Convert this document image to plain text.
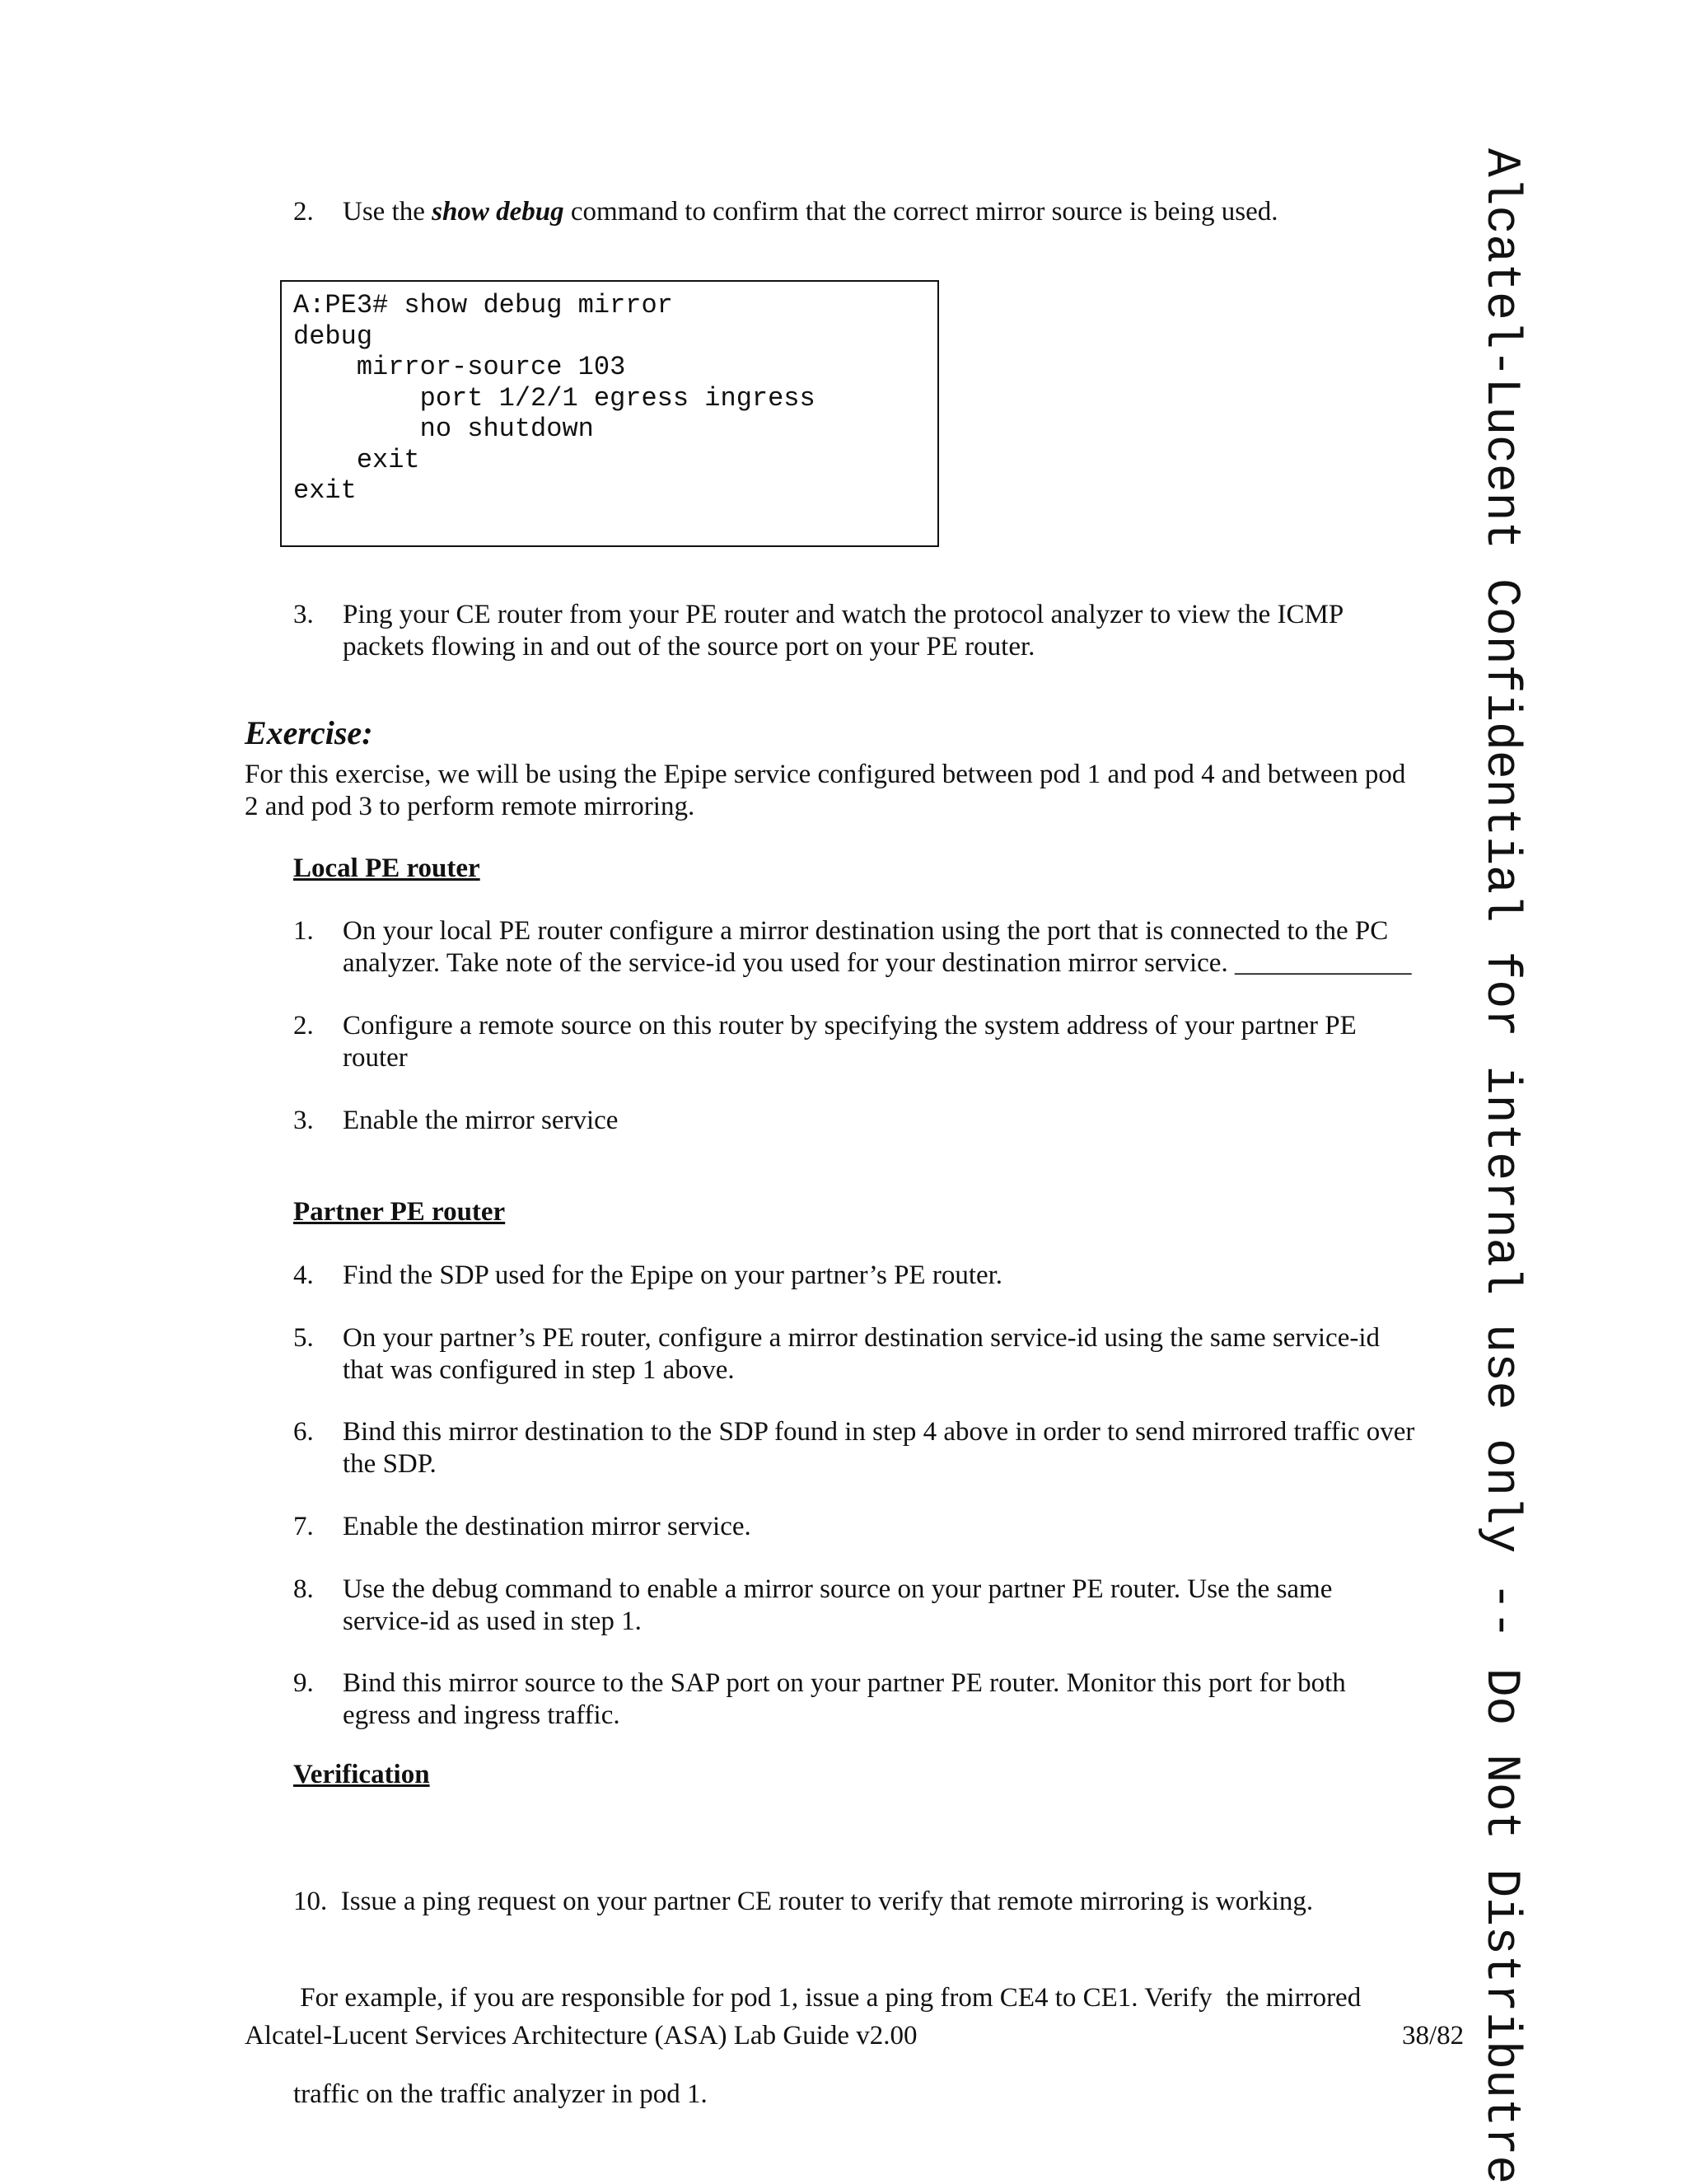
Alcatel-Lucent Confidential for internal use only -- Do Not Distributre
2. Use the show debug command to confirm that the correct mirror source is being used.
A:PE3# show debug mirror
debug
mirror-source 103
port 1/2/1 egress ingress
no shutdown
exit
exit
3. Ping your CE router from your PE router and watch the protocol analyzer to view the ICMP
packets flowing in and out of the source port on your PE router.
Exercise:
For this exercise, we will be using the Epipe service configured between pod 1 and pod 4 and between pod
2 and pod 3 to perform remote mirroring.
Local PE router
1. On your local PE router configure a mirror destination using the port that is connected to the PC
analyzer. Take note of the service-id you used for your destination mirror service. _____________
2. Configure a remote source on this router by specifying the system address of your partner PE
router
3. Enable the mirror service
Partner PE router
4. Find the SDP used for the Epipe on your partner’s PE router.
5. On your partner’s PE router, configure a mirror destination service-id using the same service-id
that was configured in step 1 above.
6. Bind this mirror destination to the SDP found in step 4 above in order to send mirrored traffic over
the SDP.
7. Enable the destination mirror service.
8. Use the debug command to enable a mirror source on your partner PE router. Use the same
service-id as used in step 1.
9. Bind this mirror source to the SAP port on your partner PE router. Monitor this port for both
egress and ingress traffic.
Verification

10.  Issue a ping request on your partner CE router to verify that remote mirroring is working.

For example, if you are responsible for pod 1, issue a ping from CE4 to CE1. Verify  the mirrored

traffic on the traffic analyzer in pod 1.

Alcatel-Lucent Services Architecture (ASA) Lab Guide v2.00	38/82
